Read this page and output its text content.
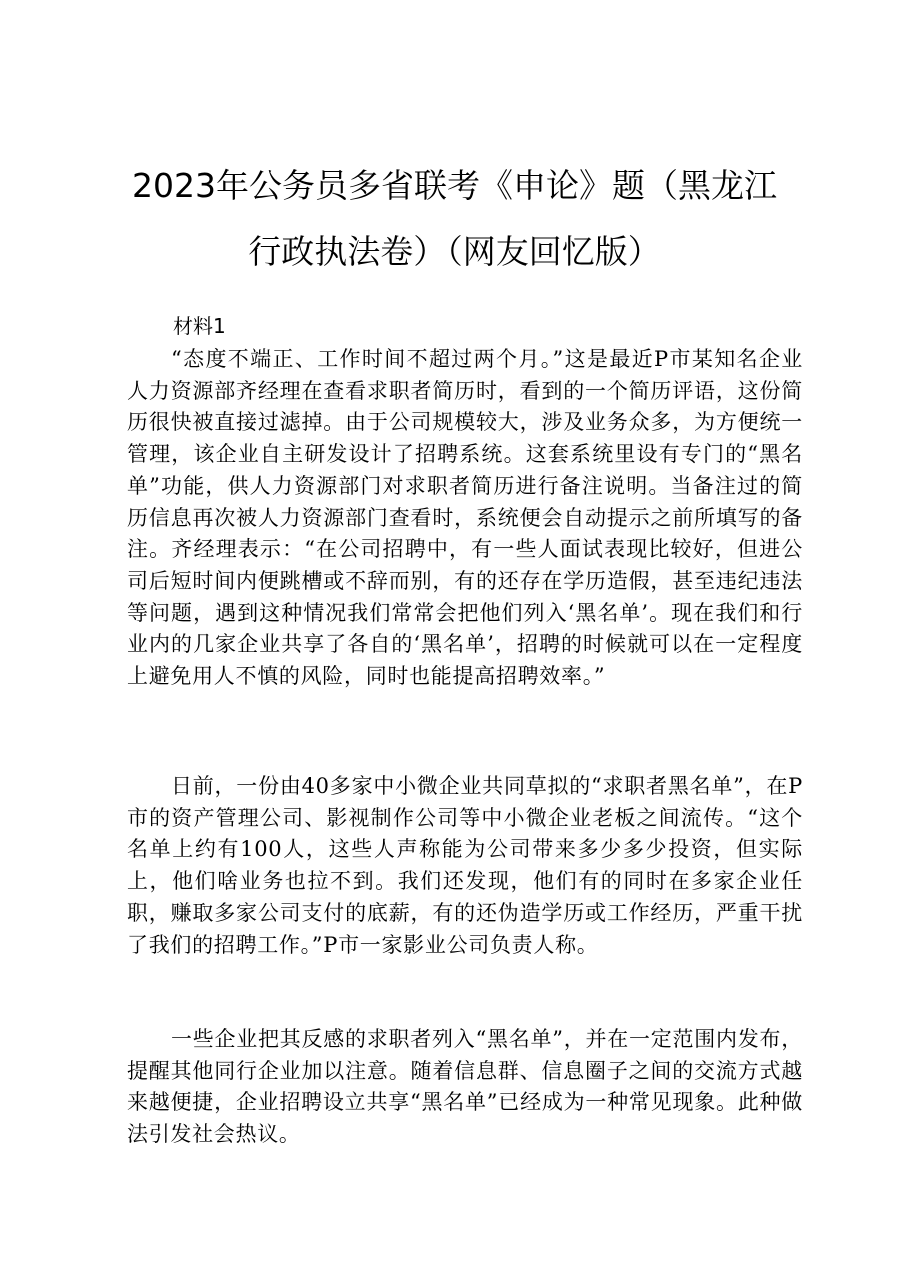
2023年公务员多省联考《申论》题（黑龙江
行政执法卷）（网友回忆版）

材料1

“态度不端正、工作时间不超过两个月。”这是最近P市某知名企业人力资源部齐经理在查看求职者简历时，看到的一个简历评语，这份简历很快被直接过滤掉。由于公司规模较大，涉及业务众多，为方便统一管理，该企业自主研发设计了招聘系统。这套系统里设有专门的“黑名单”功能，供人力资源部门对求职者简历进行备注说明。当备注过的简历信息再次被人力资源部门查看时，系统便会自动提示之前所填写的备注。齐经理表示：“在公司招聘中，有一些人面试表现比较好，但进公司后短时间内便跳槽或不辞而别，有的还存在学历造假，甚至违纪违法等问题，遇到这种情况我们常常会把他们列入‘黑名单’。现在我们和行业内的几家企业共享了各自的‘黑名单’，招聘的时候就可以在一定程度上避免用人不慎的风险，同时也能提高招聘效率。”

日前，一份由40多家中小微企业共同草拟的“求职者黑名单”，在P市的资产管理公司、影视制作公司等中小微企业老板之间流传。“这个名单上约有100人，这些人声称能为公司带来多少多少投资，但实际上，他们啥业务也拉不到。我们还发现，他们有的同时在多家企业任职，赚取多家公司支付的底薪，有的还伪造学历或工作经历，严重干扰了我们的招聘工作。”P市一家影业公司负责人称。

一些企业把其反感的求职者列入“黑名单”，并在一定范围内发布，提醒其他同行企业加以注意。随着信息群、信息圈子之间的交流方式越来越便捷，企业招聘设立共享“黑名单”已经成为一种常见现象。此种做法引发社会热议。
